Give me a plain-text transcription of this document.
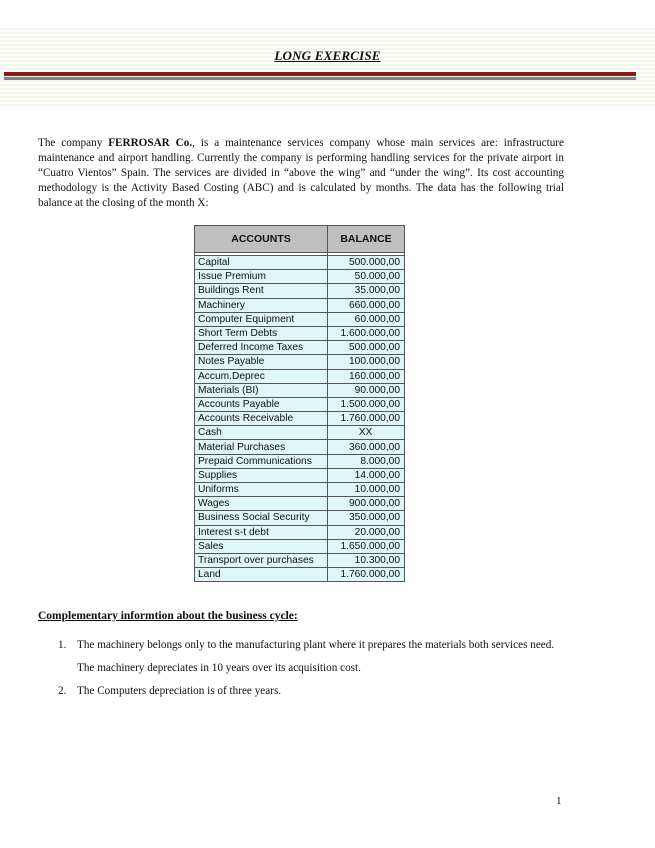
LONG EXERCISE

The company FERROSAR Co., is a maintenance services company whose main services are: infrastructure maintenance and airport handling. Currently the company is performing handling services for the private airport in “Cuatro Vientos” Spain. The services are divided in “above the wing” and “under the wing”. Its cost accounting methodology is the Activity Based Costing (ABC) and is calculated by months. The data has the following trial balance at the closing of the month X:

ACCOUNTS	BALANCE

Capital	500.000,00
Issue Premium	50.000,00
Buildings Rent	35.000,00
Machinery	660.000,00
Computer Equipment	60.000,00
Short Term Debts	1.600.000,00
Deferred Income Taxes	500.000,00
Notes Payable	100.000,00
Accum.Deprec	160.000,00
Materials (BI)	90.000,00
Accounts Payable	1.500.000,00
Accounts Receivable	1.760.000,00
Cash	XX
Material Purchases	360.000,00
Prepaid Communications	8.000,00
Supplies	14.000,00
Uniforms	10.000,00
Wages	900.000,00
Business Social Security	350.000,00
Interest s-t debt	20.000,00
Sales	1.650.000,00
Transport over purchases	10.300,00
Land	1.760.000,00

Complementary informtion about the business cycle:

1. The machinery belongs only to the manufacturing plant where it prepares the materials both services need. The machinery depreciates in 10 years over its acquisition cost.
2. The Computers depreciation is of three years.
1
